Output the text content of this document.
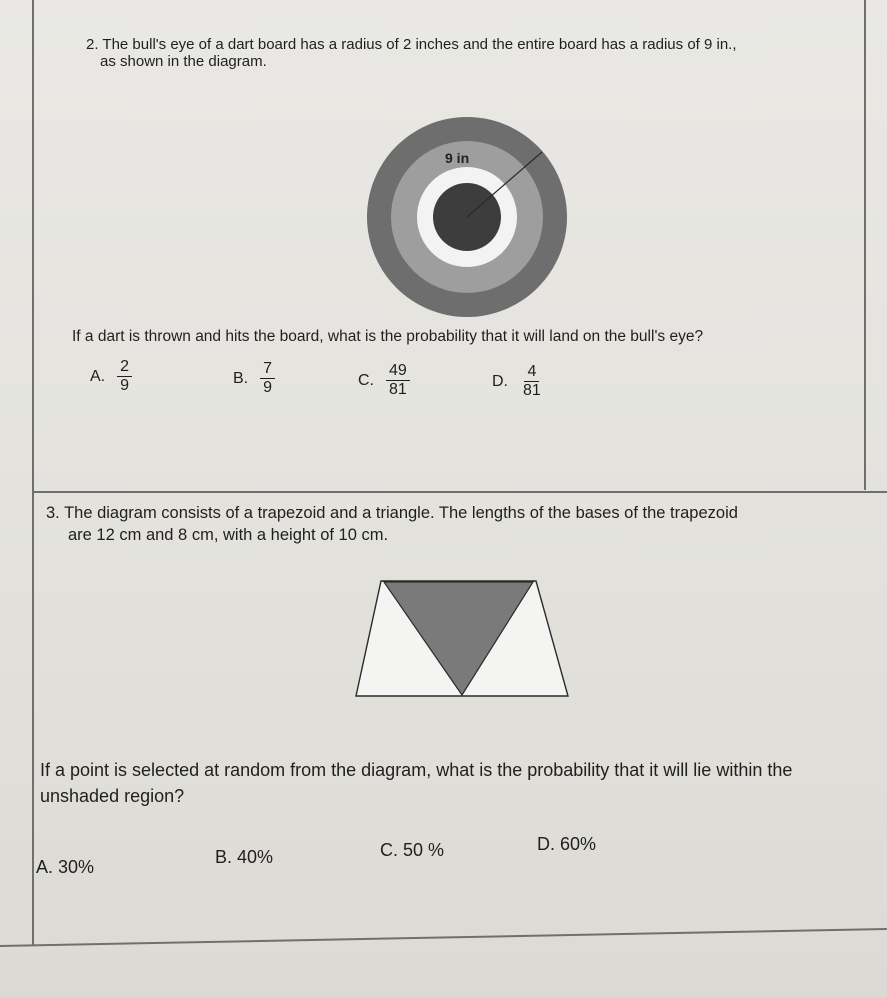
2. The bull's eye of a dart board has a radius of 2 inches and the entire board has a radius of 9 in.,
as shown in the diagram.
9 in
If a dart is thrown and hits the board, what is the probability that it will land on the bull's eye?
A. $\frac{2}{9}$	B. $\frac{7}{9}$	C. $\frac{49}{81}$	D. $\frac{4}{81}$
3. The diagram consists of a trapezoid and a triangle. The lengths of the bases of the trapezoid
are 12 cm and 8 cm, with a height of 10 cm.
If a point is selected at random from the diagram, what is the probability that it will lie within the
unshaded region?
A. 30%	B. 40%	C. 50 %	D. 60%
